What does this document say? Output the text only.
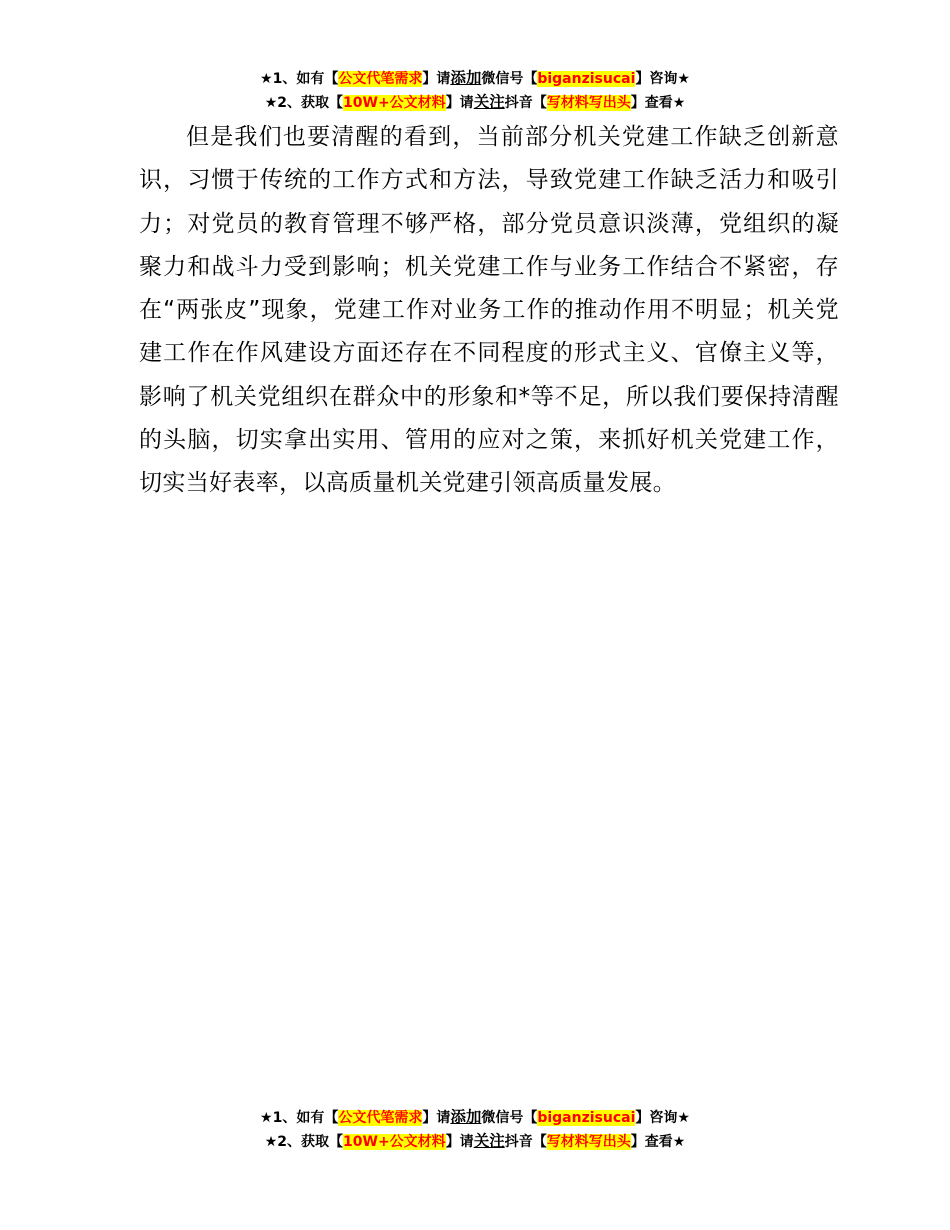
★1、如有【公文代笔需求】请添加微信号【biganzisucai】咨询★
★2、获取【10W+公文材料】请关注抖音【写材料写出头】查看★

但是我们也要清醒的看到，当前部分机关党建工作缺乏创新意识，习惯于传统的工作方式和方法，导致党建工作缺乏活力和吸引力；对党员的教育管理不够严格，部分党员意识淡薄，党组织的凝聚力和战斗力受到影响；机关党建工作与业务工作结合不紧密，存在“两张皮”现象，党建工作对业务工作的推动作用不明显；机关党建工作在作风建设方面还存在不同程度的形式主义、官僚主义等，影响了机关党组织在群众中的形象和*等不足，所以我们要保持清醒的头脑，切实拿出实用、管用的应对之策，来抓好机关党建工作，切实当好表率，以高质量机关党建引领高质量发展。

★1、如有【公文代笔需求】请添加微信号【biganzisucai】咨询★
★2、获取【10W+公文材料】请关注抖音【写材料写出头】查看★
